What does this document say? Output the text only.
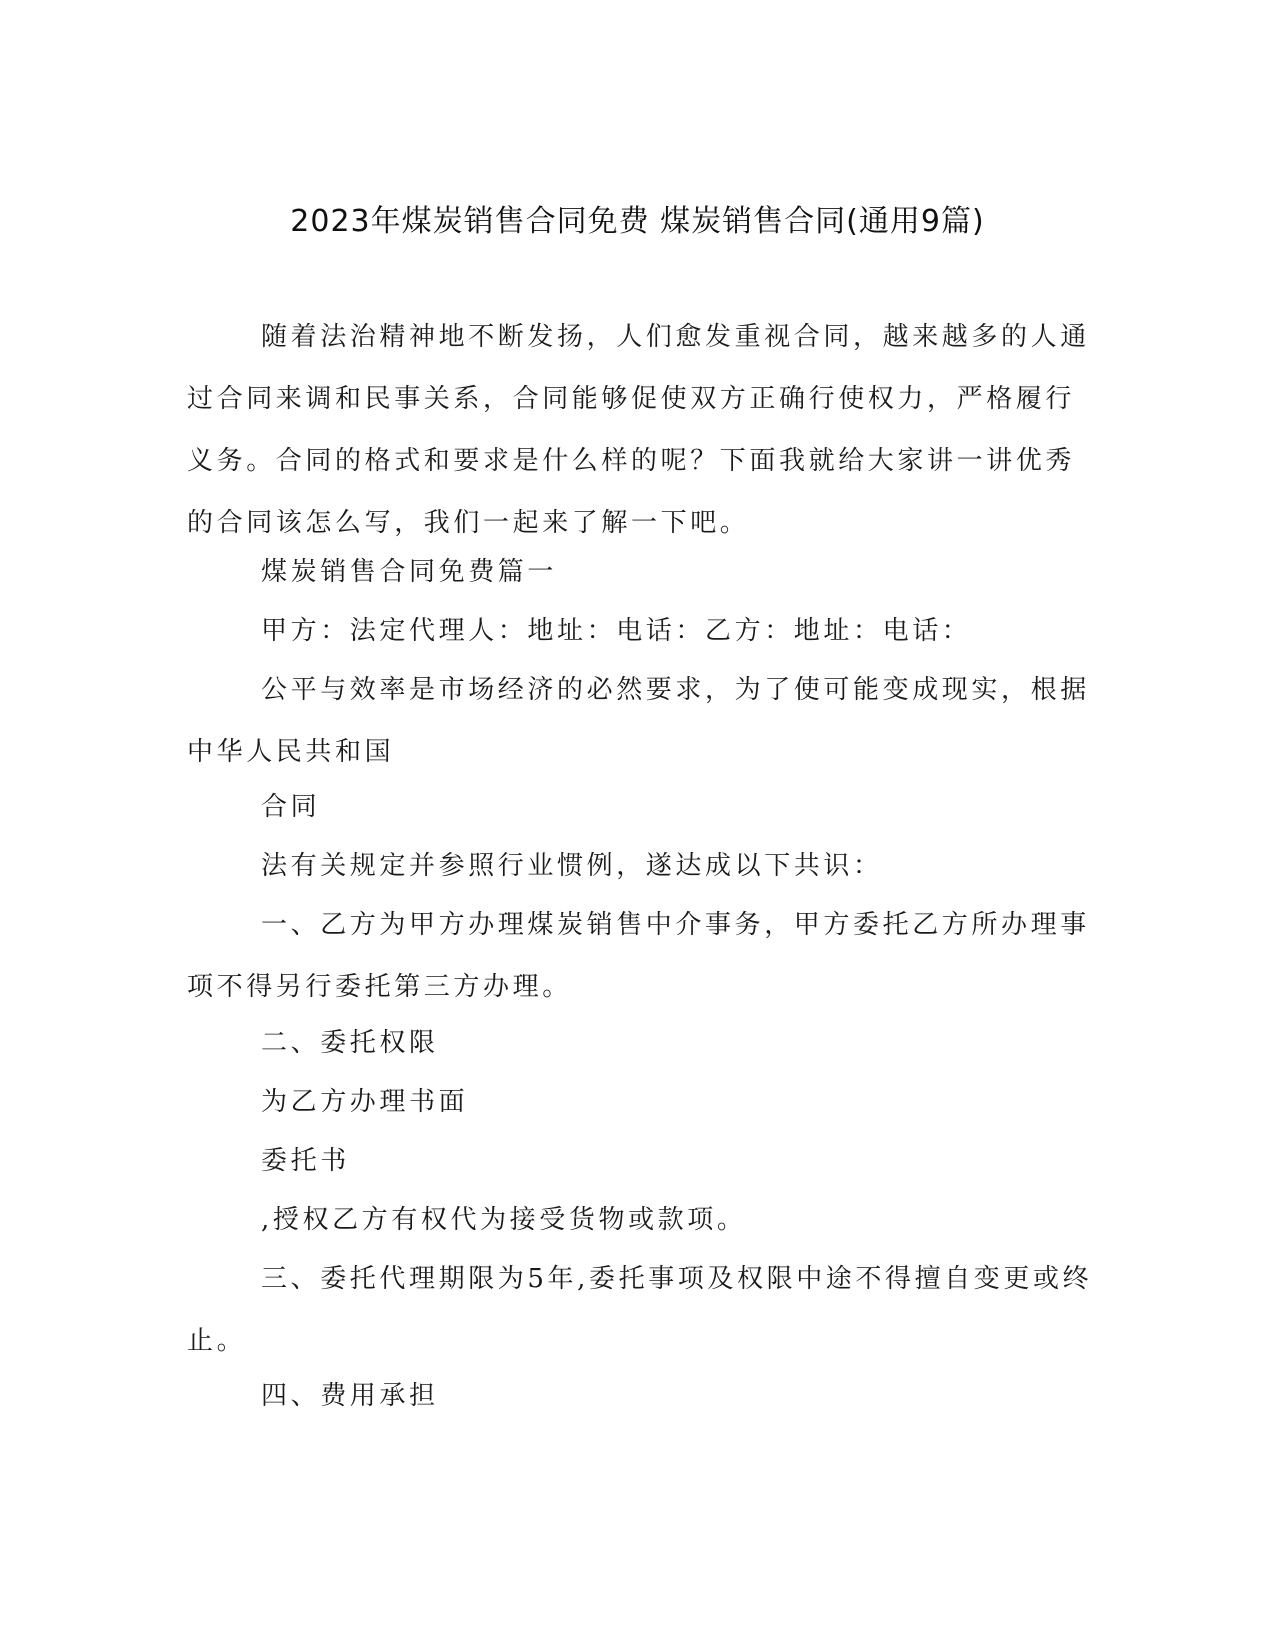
2023年煤炭销售合同免费 煤炭销售合同(通用9篇)
随着法治精神地不断发扬，人们愈发重视合同，越来越多的人通
过合同来调和民事关系，合同能够促使双方正确行使权力，严格履行
义务。合同的格式和要求是什么样的呢？下面我就给大家讲一讲优秀
的合同该怎么写，我们一起来了解一下吧。
煤炭销售合同免费篇一
甲方：法定代理人：地址：电话：乙方：地址：电话：
公平与效率是市场经济的必然要求，为了使可能变成现实，根据
中华人民共和国
合同
法有关规定并参照行业惯例，遂达成以下共识：
一、乙方为甲方办理煤炭销售中介事务，甲方委托乙方所办理事
项不得另行委托第三方办理。
二、委托权限
为乙方办理书面
委托书
,授权乙方有权代为接受货物或款项。
三、委托代理期限为5年,委托事项及权限中途不得擅自变更或终
止。
四、费用承担
